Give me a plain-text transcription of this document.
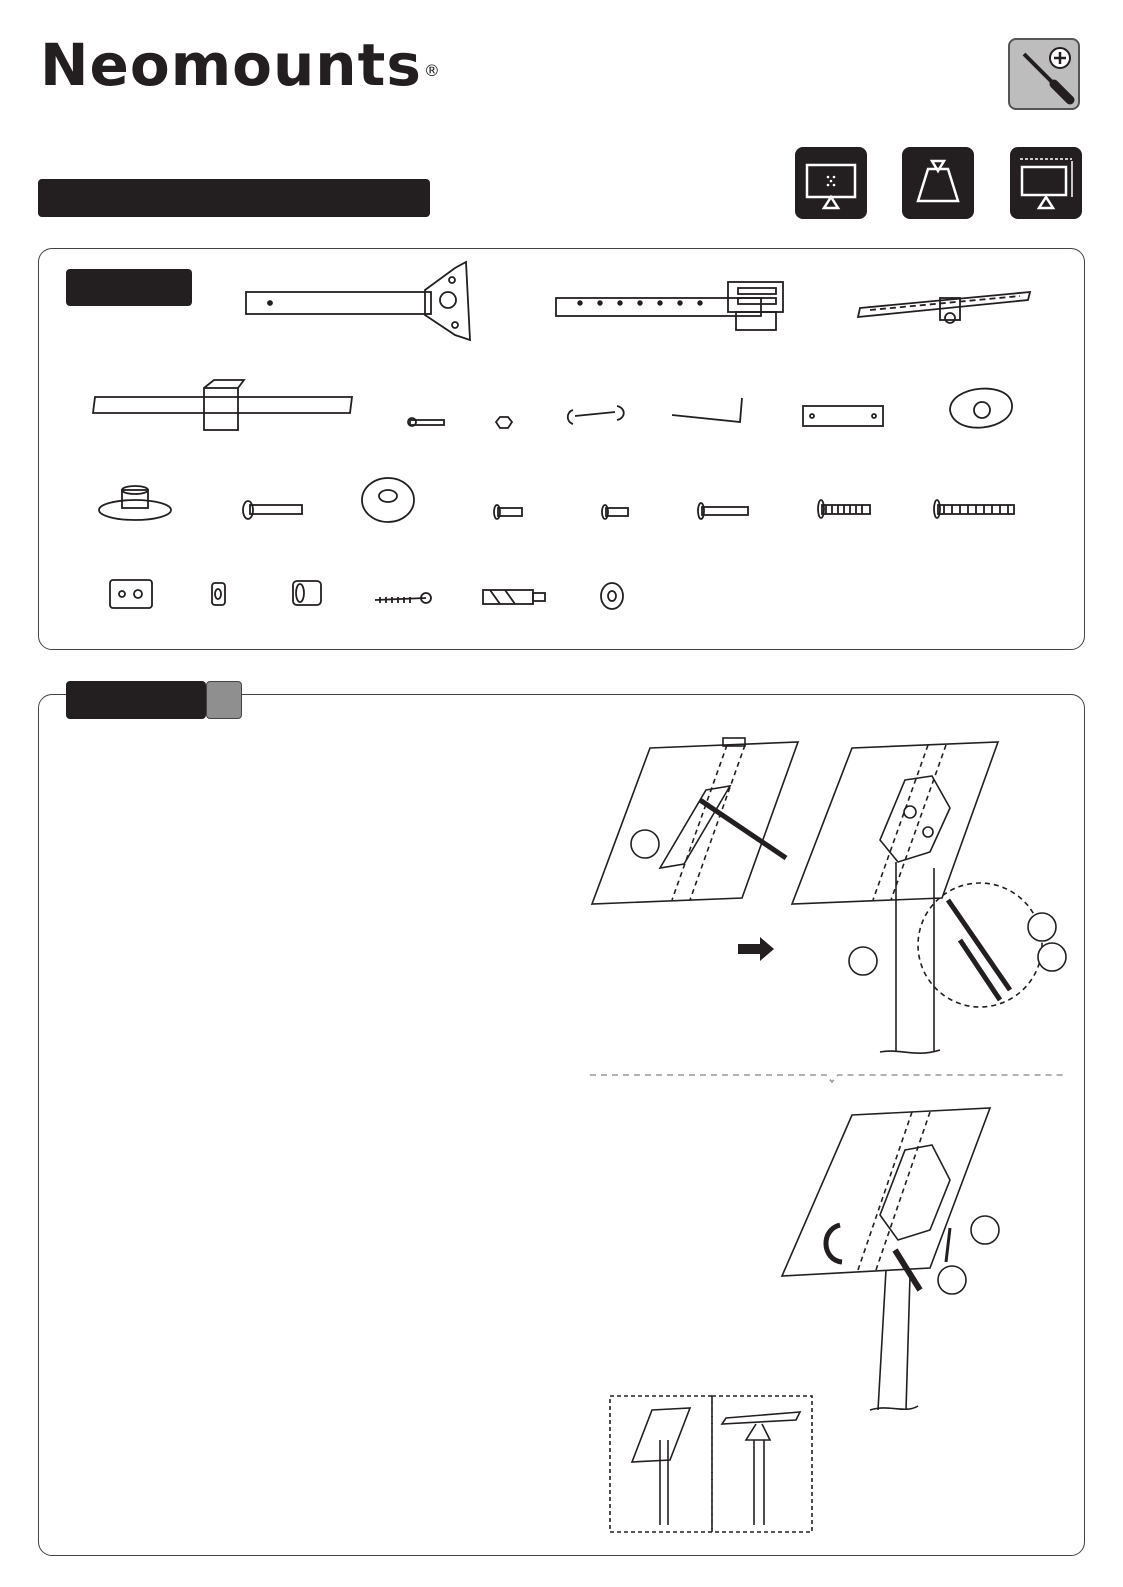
Neomounts ®
